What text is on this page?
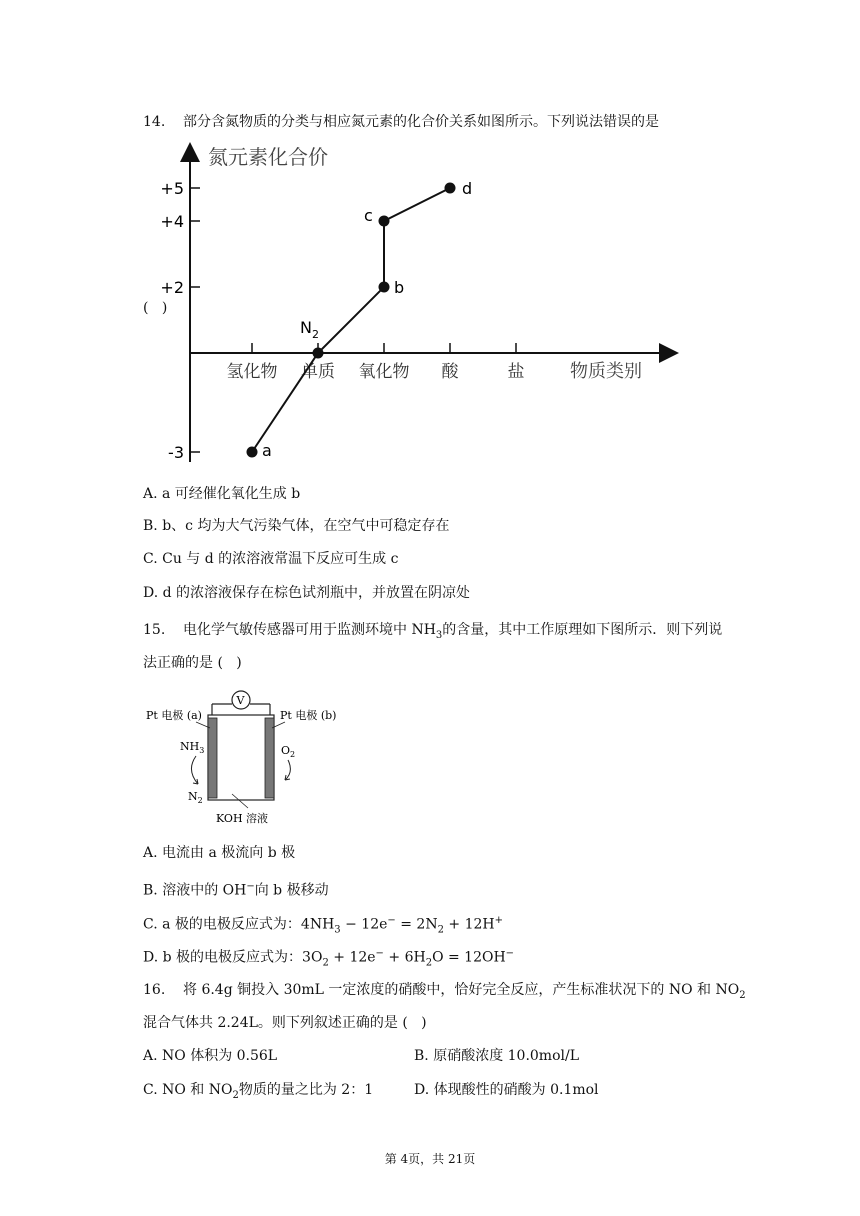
14. 部分含氮物质的分类与相应氮元素的化合价关系如图所示。下列说法错误的是
(   )
氮元素化合价
物质类别
+5
+4
+2
-3
氢化物 单质 氧化物 酸	盐
a
b
c
d
$N_2$
A. a 可经催化氧化生成 b
B. b、c 均为大气污染气体，在空气中可稳定存在
C. Cu 与 d 的浓溶液常温下反应可生成 c
D. d 的浓溶液保存在棕色试剂瓶中，并放置在阴凉处
15. 电化学气敏传感器可用于监测环境中 $NH_3$的含量，其中工作原理如下图所示．则下列说
法正确的是 (   )
V
Pt 电极 (a)	Pt 电极 (b)
$NH_3$
$N_2$
$O_2$
KOH 溶液
A. 电流由 a 极流向 b 极
B. 溶液中的 OH−向 b 极移动
C. a 极的电极反应式为：$4NH_3 - 12e^- = 2N_2 + 12H^+$
D. b 极的电极反应式为：$3O_2 + 12e^- + 6H_2O = 12OH^-$
16. 将 6.4g 铜投入 30mL 一定浓度的硝酸中，恰好完全反应，产生标准状况下的 NO 和 $NO_2$
混合气体共 2.24L。则下列叙述正确的是 (   )
A. NO 体积为 0.56L	B. 原硝酸浓度 10.0mol/L
C. NO 和 $NO_2$物质的量之比为 2：1	D. 体现酸性的硝酸为 0.1mol
第 4页，共 21页
